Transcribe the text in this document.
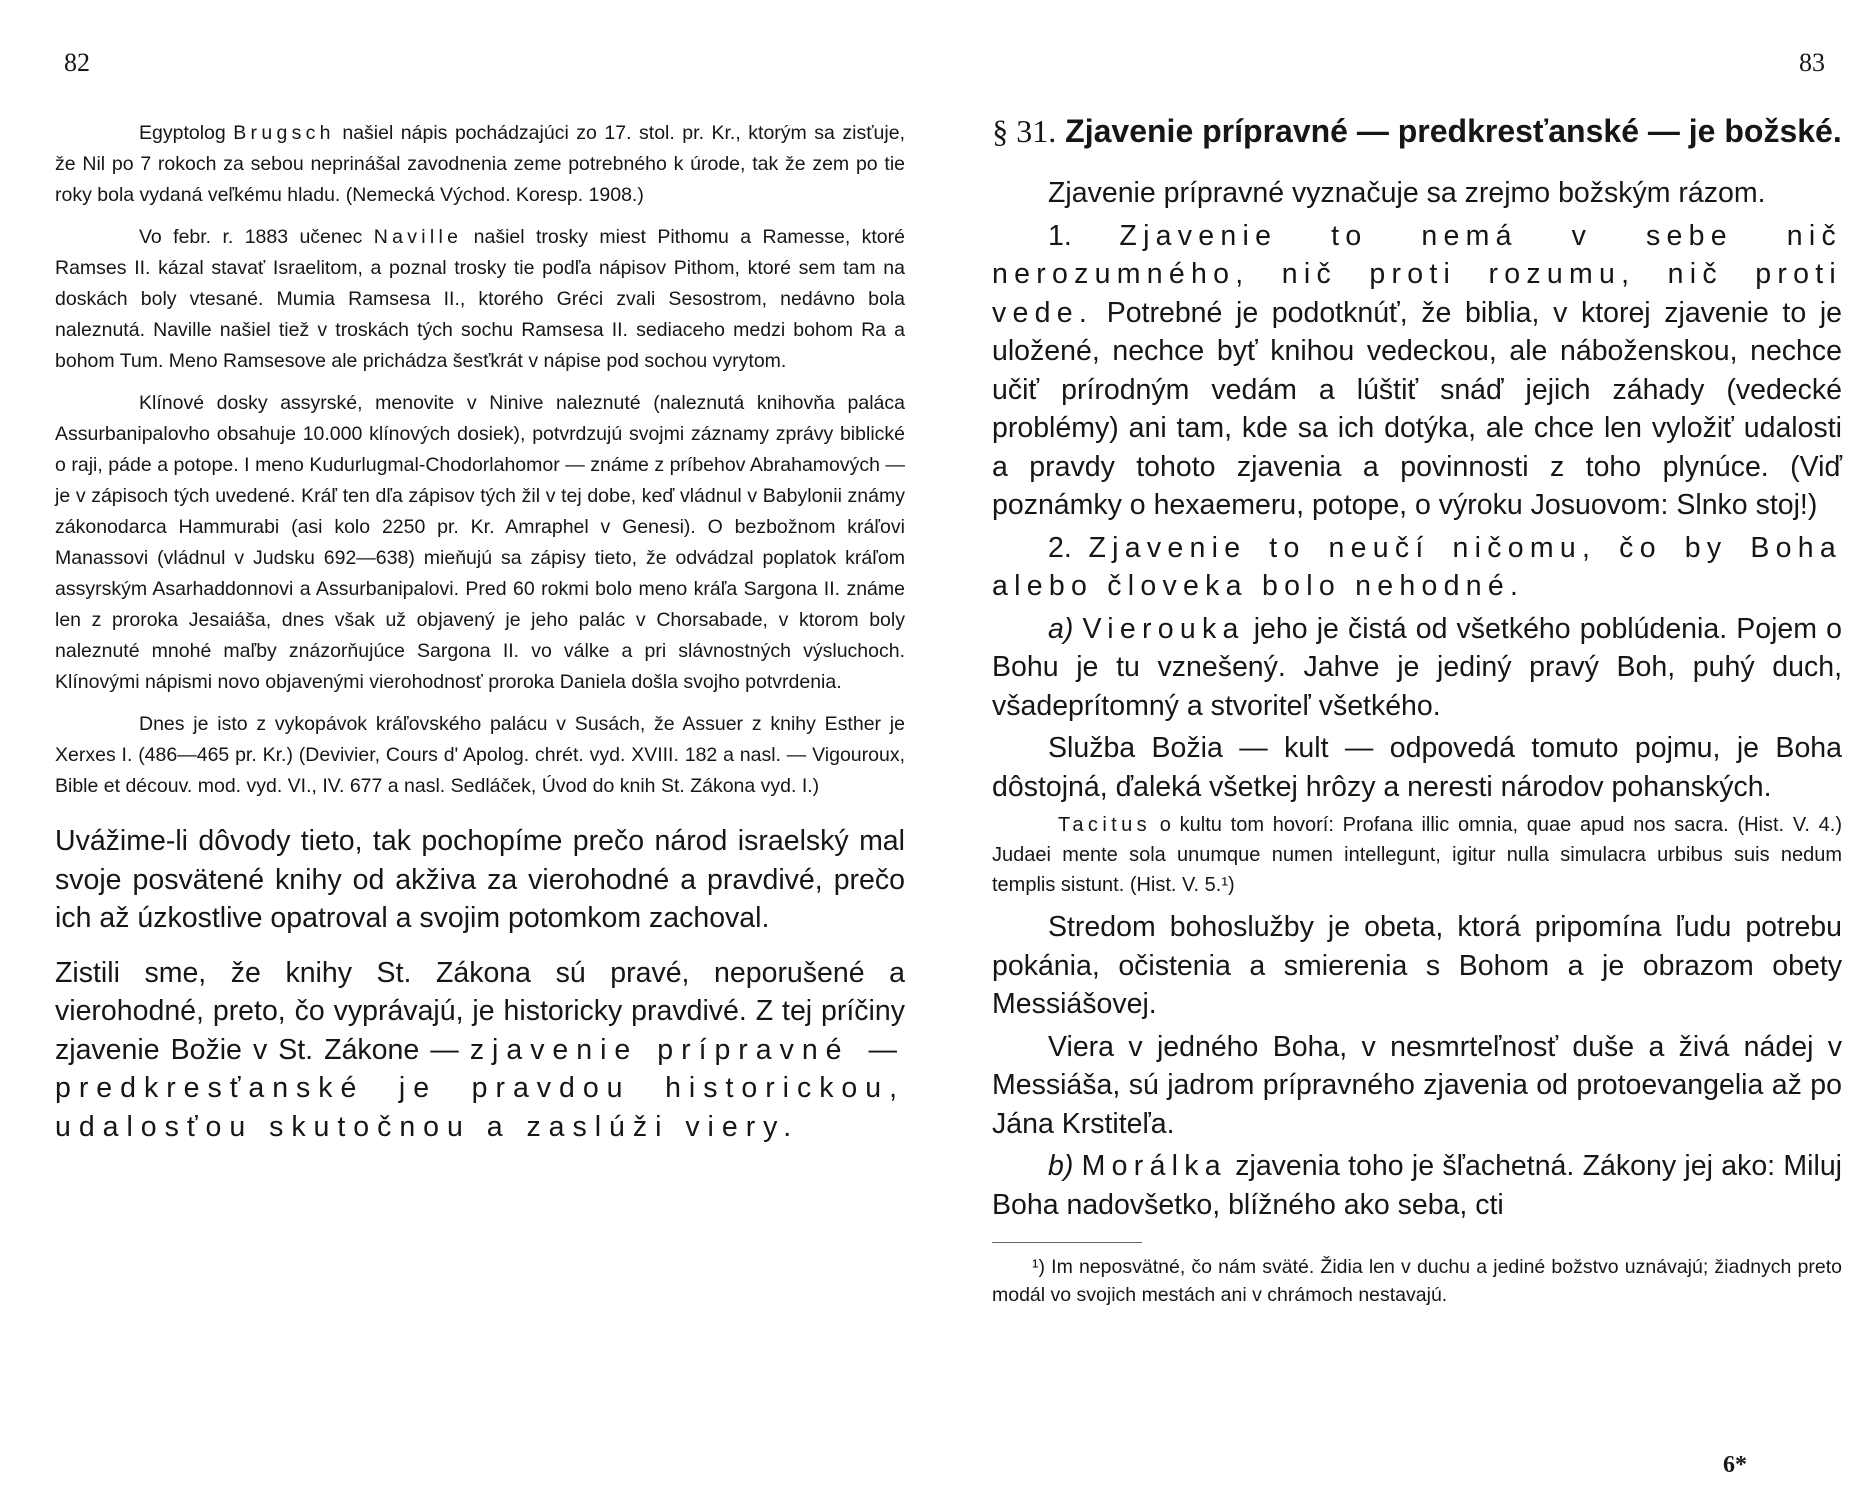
82

Egyptolog Brugsch našiel nápis pochádzajúci zo 17. stol. pr. Kr., ktorým sa zisťuje, že Nil po 7 rokoch za sebou neprinášal zavodnenia zeme potrebného k úrode, tak že zem po tie roky bola vydaná veľkému hladu. (Nemecká Východ. Koresp. 1908.)

Vo febr. r. 1883 učenec Naville našiel trosky miest Pithomu a Ramesse, ktoré Ramses II. kázal stavať Israelitom, a poznal trosky tie podľa nápisov Pithom, ktoré sem tam na doskách boly vtesané. Mumia Ramsesa II., ktorého Gréci zvali Sesostrom, nedávno bola naleznutá. Naville našiel tiež v troskách tých sochu Ramsesa II. sediaceho medzi bohom Ra a bohom Tum. Meno Ramsesove ale prichádza šesťkrát v nápise pod sochou vyrytom.

Klínové dosky assyrské, menovite v Ninive naleznuté (naleznutá knihovňa paláca Assurbanipalovho obsahuje 10.000 klínových dosiek), potvrdzujú svojmi záznamy zprávy biblické o raji, páde a potope. I meno Kudurlugmal-Chodorlahomor — známe z príbehov Abrahamových — je v zápisoch tých uvedené. Kráľ ten dľa zápisov tých žil v tej dobe, keď vládnul v Babylonii známy zákonodarca Hammurabi (asi kolo 2250 pr. Kr. Amraphel v Genesi). O bezbožnom kráľovi Manassovi (vládnul v Judsku 692—638) mieňujú sa zápisy tieto, že odvádzal poplatok kráľom assyrským Asarhaddonnovi a Assurbanipalovi. Pred 60 rokmi bolo meno kráľa Sargona II. známe len z proroka Jesaiáša, dnes však už objavený je jeho palác v Chorsabade, v ktorom boly naleznuté mnohé maľby znázorňujúce Sargona II. vo válke a pri slávnostných výsluchoch. Klínovými nápismi novo objavenými vierohodnosť proroka Daniela došla svojho potvrdenia.

Dnes je isto z vykopávok kráľovského palácu v Susách, že Assuer z knihy Esther je Xerxes I. (486—465 pr. Kr.) (Devivier, Cours d' Apolog. chrét. vyd. XVIII. 182 a nasl. — Vigouroux, Bible et découv. mod. vyd. VI., IV. 677 a nasl. Sedláček, Úvod do knih St. Zákona vyd. I.)

Uvážime-li dôvody tieto, tak pochopíme prečo národ israelský mal svoje posvätené knihy od akživa za vierohodné a pravdivé, prečo ich až úzkostlive opatroval a svojim potomkom zachoval.

Zistili sme, že knihy St. Zákona sú pravé, neporušené a vierohodné, preto, čo vyprávajú, je historicky pravdivé. Z tej príčiny zjavenie Božie v St. Zákone — zjavenie prípravné — predkresťanské je pravdou historickou, udalosťou skutočnou a zaslúži viery.

83
§ 31. Zjavenie prípravné — predkresťanské — je božské.

Zjavenie prípravné vyznačuje sa zrejmo božským rázom.

1. Zjavenie to nemá v sebe nič nerozumného, nič proti rozumu, nič proti vede. Potrebné je podotknúť, že biblia, v ktorej zjavenie to je uložené, nechce byť knihou vedeckou, ale náboženskou, nechce učiť prírodným vedám a lúštiť snáď jejich záhady (vedecké problémy) ani tam, kde sa ich dotýka, ale chce len vyložiť udalosti a pravdy tohoto zjavenia a povinnosti z toho plynúce. (Viď poznámky o hexaemeru, potope, o výroku Josuovom: Slnko stoj!)

2. Zjavenie to neučí ničomu, čo by Boha alebo človeka bolo nehodné.

a) Vierouka jeho je čistá od všetkého poblúdenia. Pojem o Bohu je tu vznešený. Jahve je jediný pravý Boh, puhý duch, všadeprítomný a stvoriteľ všetkého.

Služba Božia — kult — odpovedá tomuto pojmu, je Boha dôstojná, ďaleká všetkej hrôzy a neresti národov pohanských.

Tacitus o kultu tom hovorí: Profana illic omnia, quae apud nos sacra. (Hist. V. 4.) Judaei mente sola unumque numen intellegunt, igitur nulla simulacra urbibus suis nedum templis sistunt. (Hist. V. 5.¹)

Stredom bohoslužby je obeta, ktorá pripomína ľudu potrebu pokánia, očistenia a smierenia s Bohom a je obrazom obety Messiášovej.

Viera v jedného Boha, v nesmrteľnosť duše a živá nádej v Messiáša, sú jadrom prípravného zjavenia od protoevangelia až po Jána Krstiteľa.

b) Morálka zjavenia toho je šľachetná. Zákony jej ako: Miluj Boha nadovšetko, blížného ako seba, cti

¹) Im neposvätné, čo nám sväté. Židia len v duchu a jediné božstvo uznávajú; žiadnych preto modál vo svojich mestách ani v chrámoch nestavajú.

6*
